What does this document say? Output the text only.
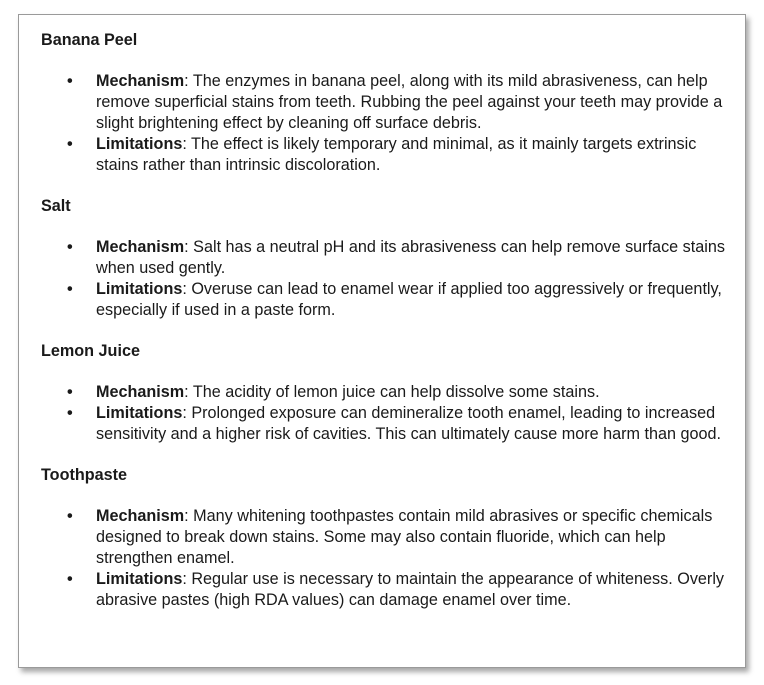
Banana Peel

• Mechanism: The enzymes in banana peel, along with its mild abrasiveness, can help remove superficial stains from teeth. Rubbing the peel against your teeth may provide a slight brightening effect by cleaning off surface debris.
• Limitations: The effect is likely temporary and minimal, as it mainly targets extrinsic stains rather than intrinsic discoloration.

Salt

• Mechanism: Salt has a neutral pH and its abrasiveness can help remove surface stains when used gently.
• Limitations: Overuse can lead to enamel wear if applied too aggressively or frequently, especially if used in a paste form.

Lemon Juice

• Mechanism: The acidity of lemon juice can help dissolve some stains.
• Limitations: Prolonged exposure can demineralize tooth enamel, leading to increased sensitivity and a higher risk of cavities. This can ultimately cause more harm than good.

Toothpaste

• Mechanism: Many whitening toothpastes contain mild abrasives or specific chemicals designed to break down stains. Some may also contain fluoride, which can help strengthen enamel.
• Limitations: Regular use is necessary to maintain the appearance of whiteness. Overly abrasive pastes (high RDA values) can damage enamel over time.
